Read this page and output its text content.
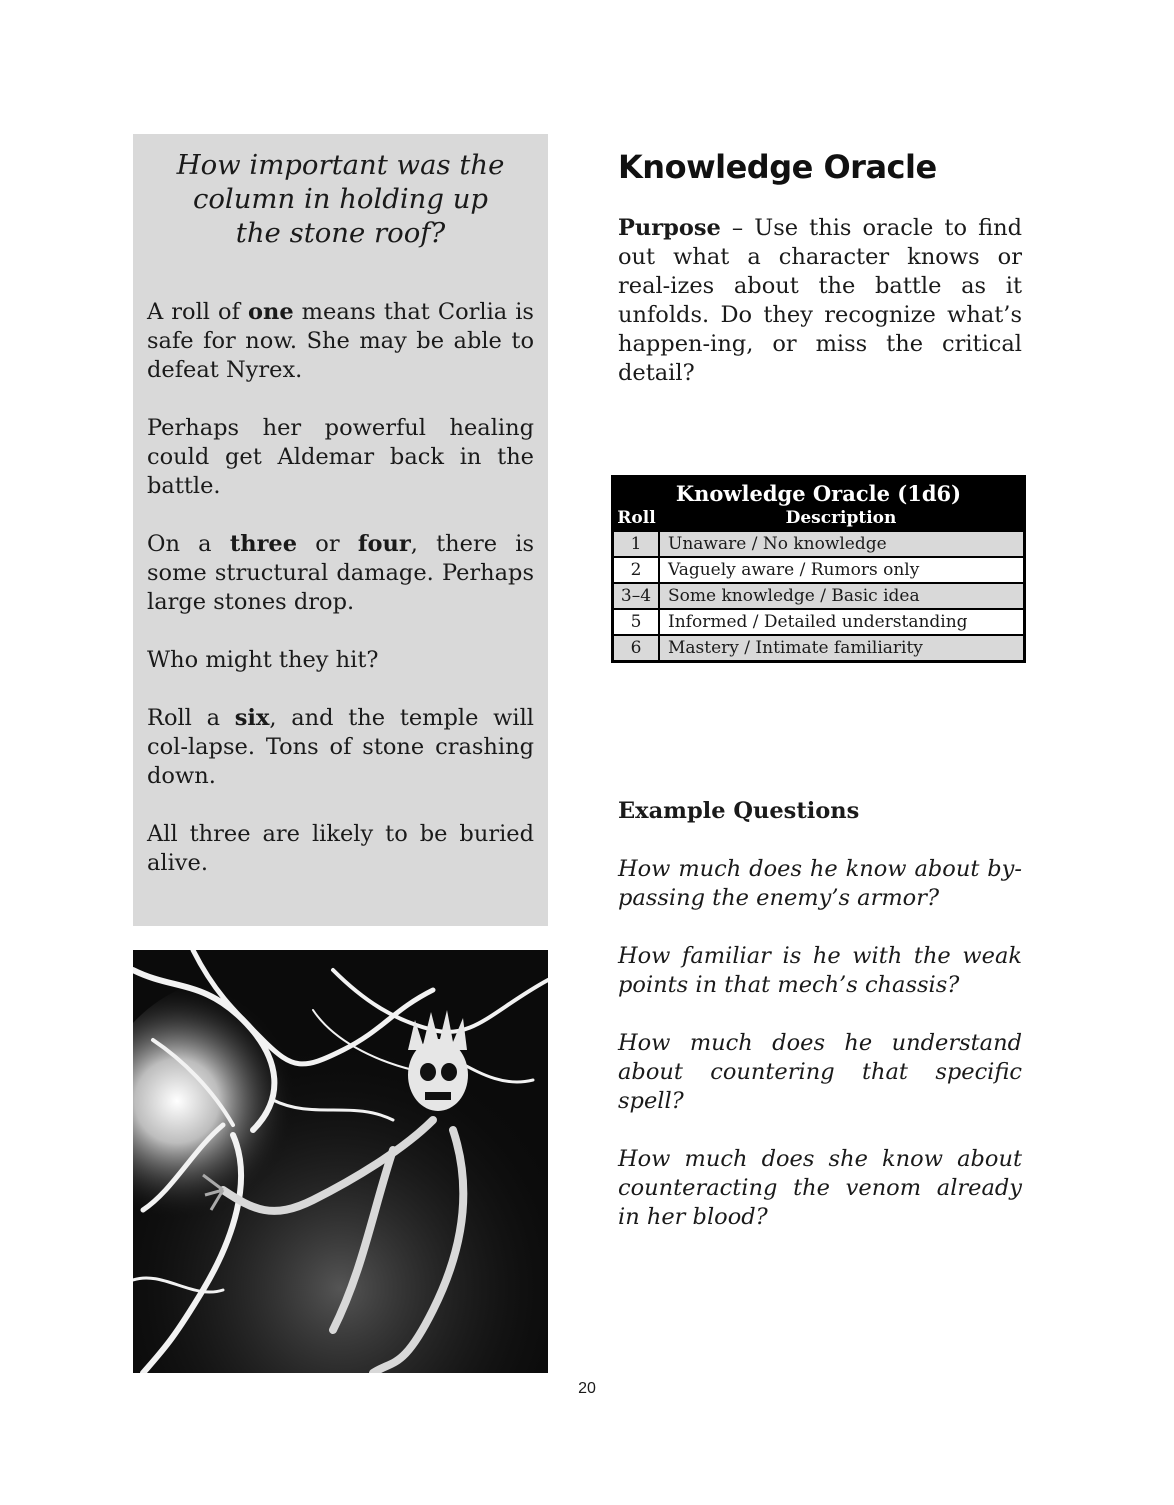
How important was the column in holding up the stone roof?

A roll of one means that Corlia is safe for now. She may be able to defeat Nyrex.

Perhaps her powerful healing could get Aldemar back in the battle.

On a three or four, there is some structural damage. Perhaps large stones drop.

Who might they hit?

Roll a six, and the temple will col-lapse. Tons of stone crashing down.

All three are likely to be buried alive.

Knowledge Oracle

Purpose – Use this oracle to find out what a character knows or real-izes about the battle as it unfolds. Do they recognize what’s happen-ing, or miss the critical detail?

Knowledge Oracle (1d6)	
Roll	Description
1	Unaware / No knowledge
2	Vaguely aware / Rumors only
3–4	Some knowledge / Basic idea
5	Informed / Detailed understanding
6	Mastery / Intimate familiarity
Example Questions

How much does he know about by-passing the enemy’s armor?

How familiar is he with the weak points in that mech’s chassis?

How much does he understand about countering that specific spell?

How much does she know about counteracting the venom already in her blood?

20
